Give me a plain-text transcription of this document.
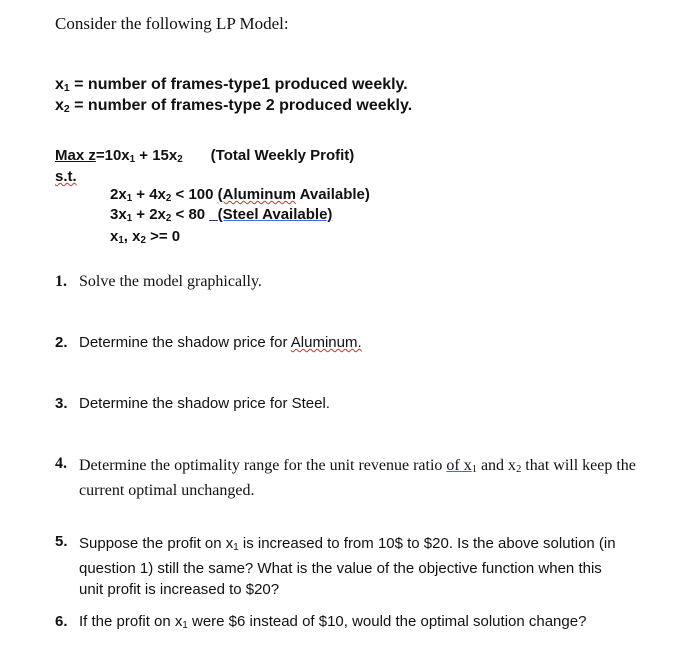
Consider the following LP Model:
$x_1$ = number of frames-type1 produced weekly.
$x_2$ = number of frames-type 2 produced weekly.
Max $z=10x_1 + 15x_2$ (Total Weekly Profit)
s.t.
$2x_1 + 4x_2 < 100$ (Aluminum Available)
$3x_1 + 2x_2 < 80$ _(Steel Available)
$x_1$, $x_2 >= 0$
1. Solve the model graphically.
2. Determine the shadow price for Aluminum.
3. Determine the shadow price for Steel.
4. Determine the optimality range for the unit revenue ratio of $x_1$ and $x_2$ that will keep the
current optimal unchanged.
5. Suppose the profit on $x_1$ is increased to from 10$ to $20. Is the above solution (in
question 1) still the same? What is the value of the objective function when this
unit profit is increased to $20?
6. If the profit on $x_1$ were $6 instead of $10, would the optimal solution change?
